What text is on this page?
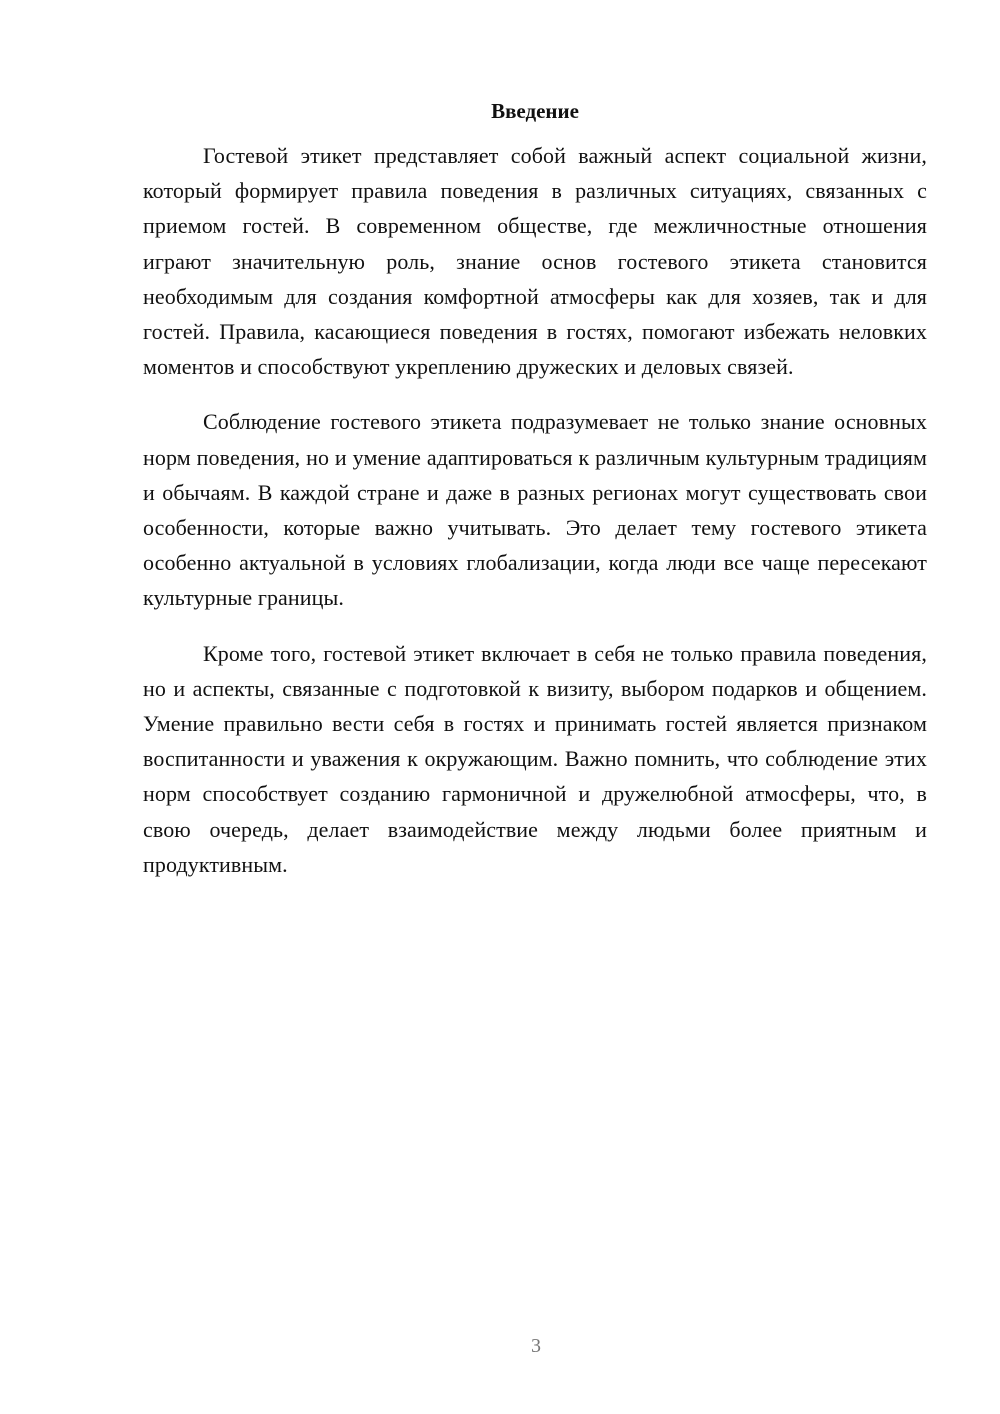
Введение

Гостевой этикет представляет собой важный аспект социальной жизни, который формирует правила поведения в различных ситуациях, связанных с приемом гостей. В современном обществе, где межличностные отношения играют значительную роль, знание основ гостевого этикета становится необходимым для создания комфортной атмосферы как для хозяев, так и для гостей. Правила, касающиеся поведения в гостях, помогают избежать неловких моментов и способствуют укреплению дружеских и деловых связей.

Соблюдение гостевого этикета подразумевает не только знание основных норм поведения, но и умение адаптироваться к различным культурным традициям и обычаям. В каждой стране и даже в разных регионах могут существовать свои особенности, которые важно учитывать. Это делает тему гостевого этикета особенно актуальной в условиях глобализации, когда люди все чаще пересекают культурные границы.

Кроме того, гостевой этикет включает в себя не только правила поведения, но и аспекты, связанные с подготовкой к визиту, выбором подарков и общением. Умение правильно вести себя в гостях и принимать гостей является признаком воспитанности и уважения к окружающим. Важно помнить, что соблюдение этих норм способствует созданию гармоничной и дружелюбной атмосферы, что, в свою очередь, делает взаимодействие между людьми более приятным и продуктивным.

3
